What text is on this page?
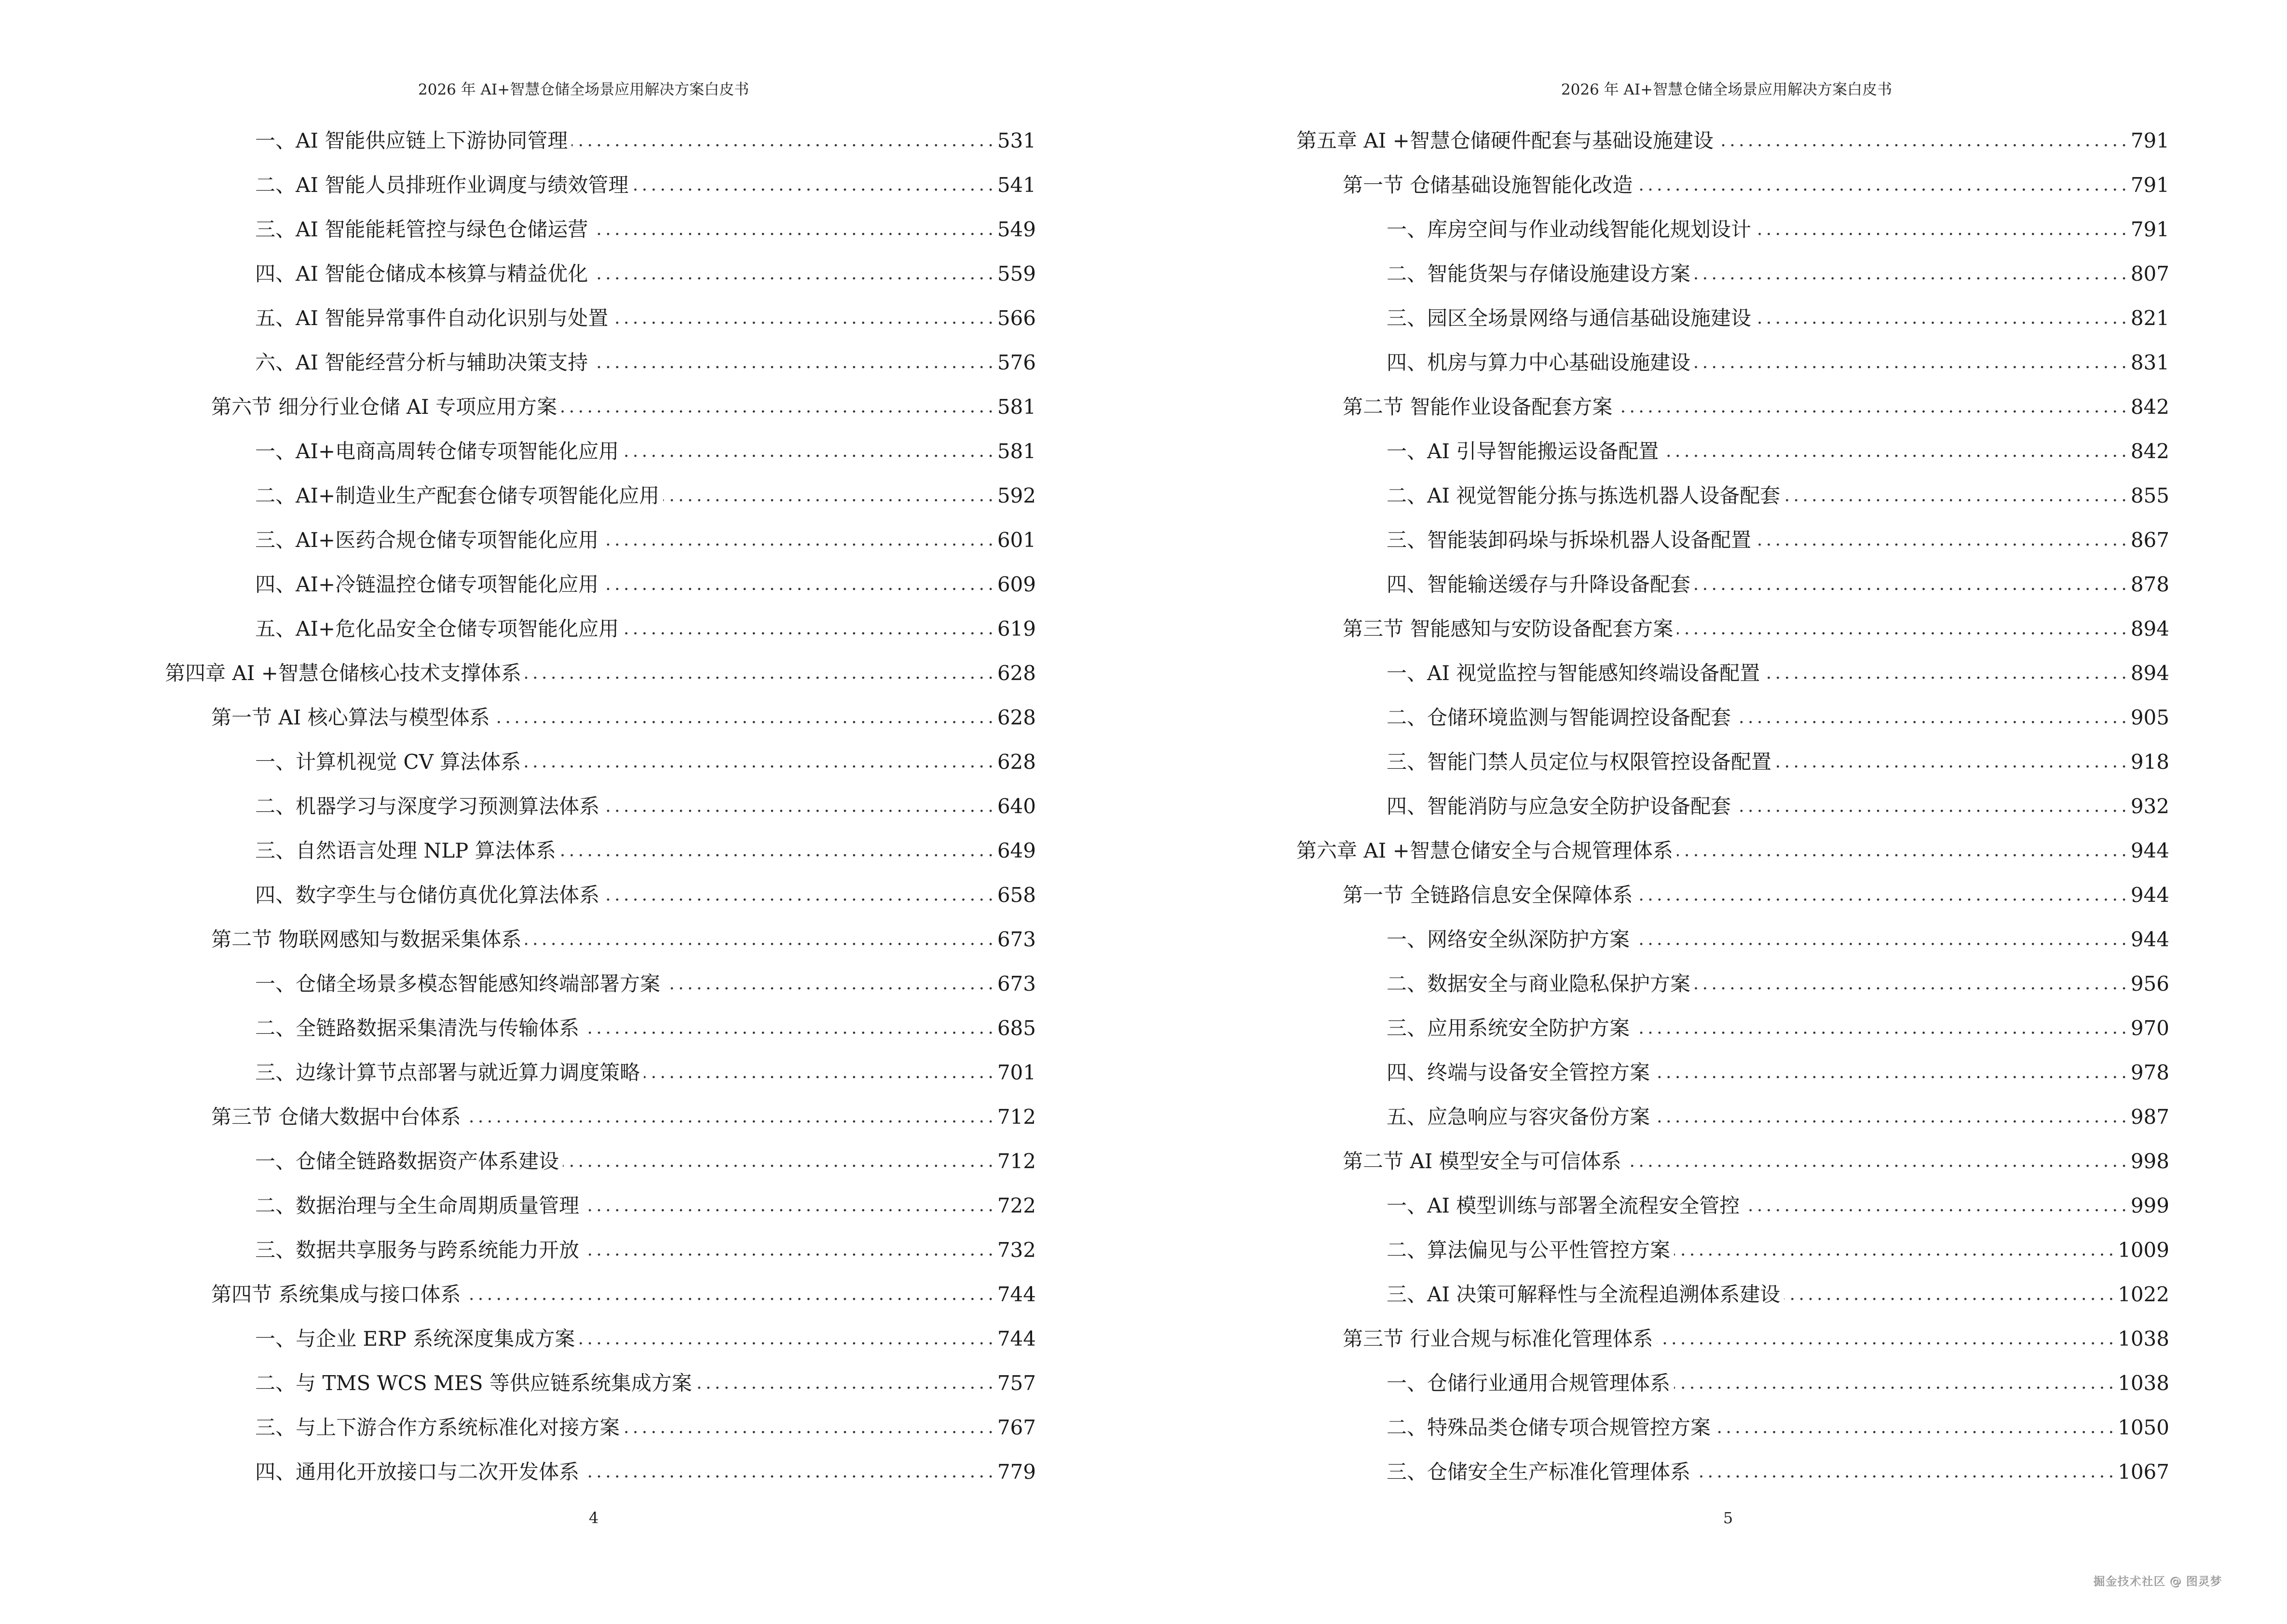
2026 年 AI+智慧仓储全场景应用解决方案白皮书
一、AI 智能供应链上下游协同管理 . . .	531
二、AI 智能人员排班作业调度与绩效管理 . . .	541
三、AI 智能能耗管控与绿色仓储运营 . . .	549
四、AI 智能仓储成本核算与精益优化 . . .	559
五、AI 智能异常事件自动化识别与处置 . . .	566
六、AI 智能经营分析与辅助决策支持 . . .	576
第六节 细分行业仓储 AI 专项应用方案 . . .	581
一、AI+电商高周转仓储专项智能化应用 . . .	581
二、AI+制造业生产配套仓储专项智能化应用 . . .	592
三、AI+医药合规仓储专项智能化应用 . . .	601
四、AI+冷链温控仓储专项智能化应用 . . .	609
五、AI+危化品安全仓储专项智能化应用 . . .	619
第四章 AI +智慧仓储核心技术支撑体系 . . .	628
第一节 AI 核心算法与模型体系 . . .	628
一、计算机视觉 CV 算法体系 . . .	628
二、机器学习与深度学习预测算法体系 . . .	640
三、自然语言处理 NLP 算法体系 . . .	649
四、数字孪生与仓储仿真优化算法体系 . . .	658
第二节 物联网感知与数据采集体系 . . .	673
一、仓储全场景多模态智能感知终端部署方案 . . .	673
二、全链路数据采集清洗与传输体系 . . .	685
三、边缘计算节点部署与就近算力调度策略 . . .	701
第三节 仓储大数据中台体系 . . .	712
一、仓储全链路数据资产体系建设 . . .	712
二、数据治理与全生命周期质量管理 . . .	722
三、数据共享服务与跨系统能力开放 . . .	732
第四节 系统集成与接口体系 . . .	744
一、与企业 ERP 系统深度集成方案 . . .	744
二、与 TMS WCS MES 等供应链系统集成方案 . . .	757
三、与上下游合作方系统标准化对接方案 . . .	767
四、通用化开放接口与二次开发体系 . . .	779
4
2026 年 AI+智慧仓储全场景应用解决方案白皮书
第五章 AI +智慧仓储硬件配套与基础设施建设 . . .	791
第一节 仓储基础设施智能化改造 . . .	791
一、库房空间与作业动线智能化规划设计 . . .	791
二、智能货架与存储设施建设方案 . . .	807
三、园区全场景网络与通信基础设施建设 . . .	821
四、机房与算力中心基础设施建设 . . .	831
第二节 智能作业设备配套方案 . . .	842
一、AI 引导智能搬运设备配置 . . .	842
二、AI 视觉智能分拣与拣选机器人设备配套 . . .	855
三、智能装卸码垛与拆垛机器人设备配置 . . .	867
四、智能输送缓存与升降设备配套 . . .	878
第三节 智能感知与安防设备配套方案 . . .	894
一、AI 视觉监控与智能感知终端设备配置 . . .	894
二、仓储环境监测与智能调控设备配套 . . .	905
三、智能门禁人员定位与权限管控设备配置 . . .	918
四、智能消防与应急安全防护设备配套 . . .	932
第六章 AI +智慧仓储安全与合规管理体系 . . .	944
第一节 全链路信息安全保障体系 . . .	944
一、网络安全纵深防护方案 . . .	944
二、数据安全与商业隐私保护方案 . . .	956
三、应用系统安全防护方案 . . .	970
四、终端与设备安全管控方案 . . .	978
五、应急响应与容灾备份方案 . . .	987
第二节 AI 模型安全与可信体系 . . .	998
一、AI 模型训练与部署全流程安全管控 . . .	999
二、算法偏见与公平性管控方案 . . .	1009
三、AI 决策可解释性与全流程追溯体系建设 . . .	1022
第三节 行业合规与标准化管理体系 . . .	1038
一、仓储行业通用合规管理体系 . . .	1038
二、特殊品类仓储专项合规管控方案 . . .	1050
三、仓储安全生产标准化管理体系 . . .	1067
5
掘金技术社区 @ 图灵梦
